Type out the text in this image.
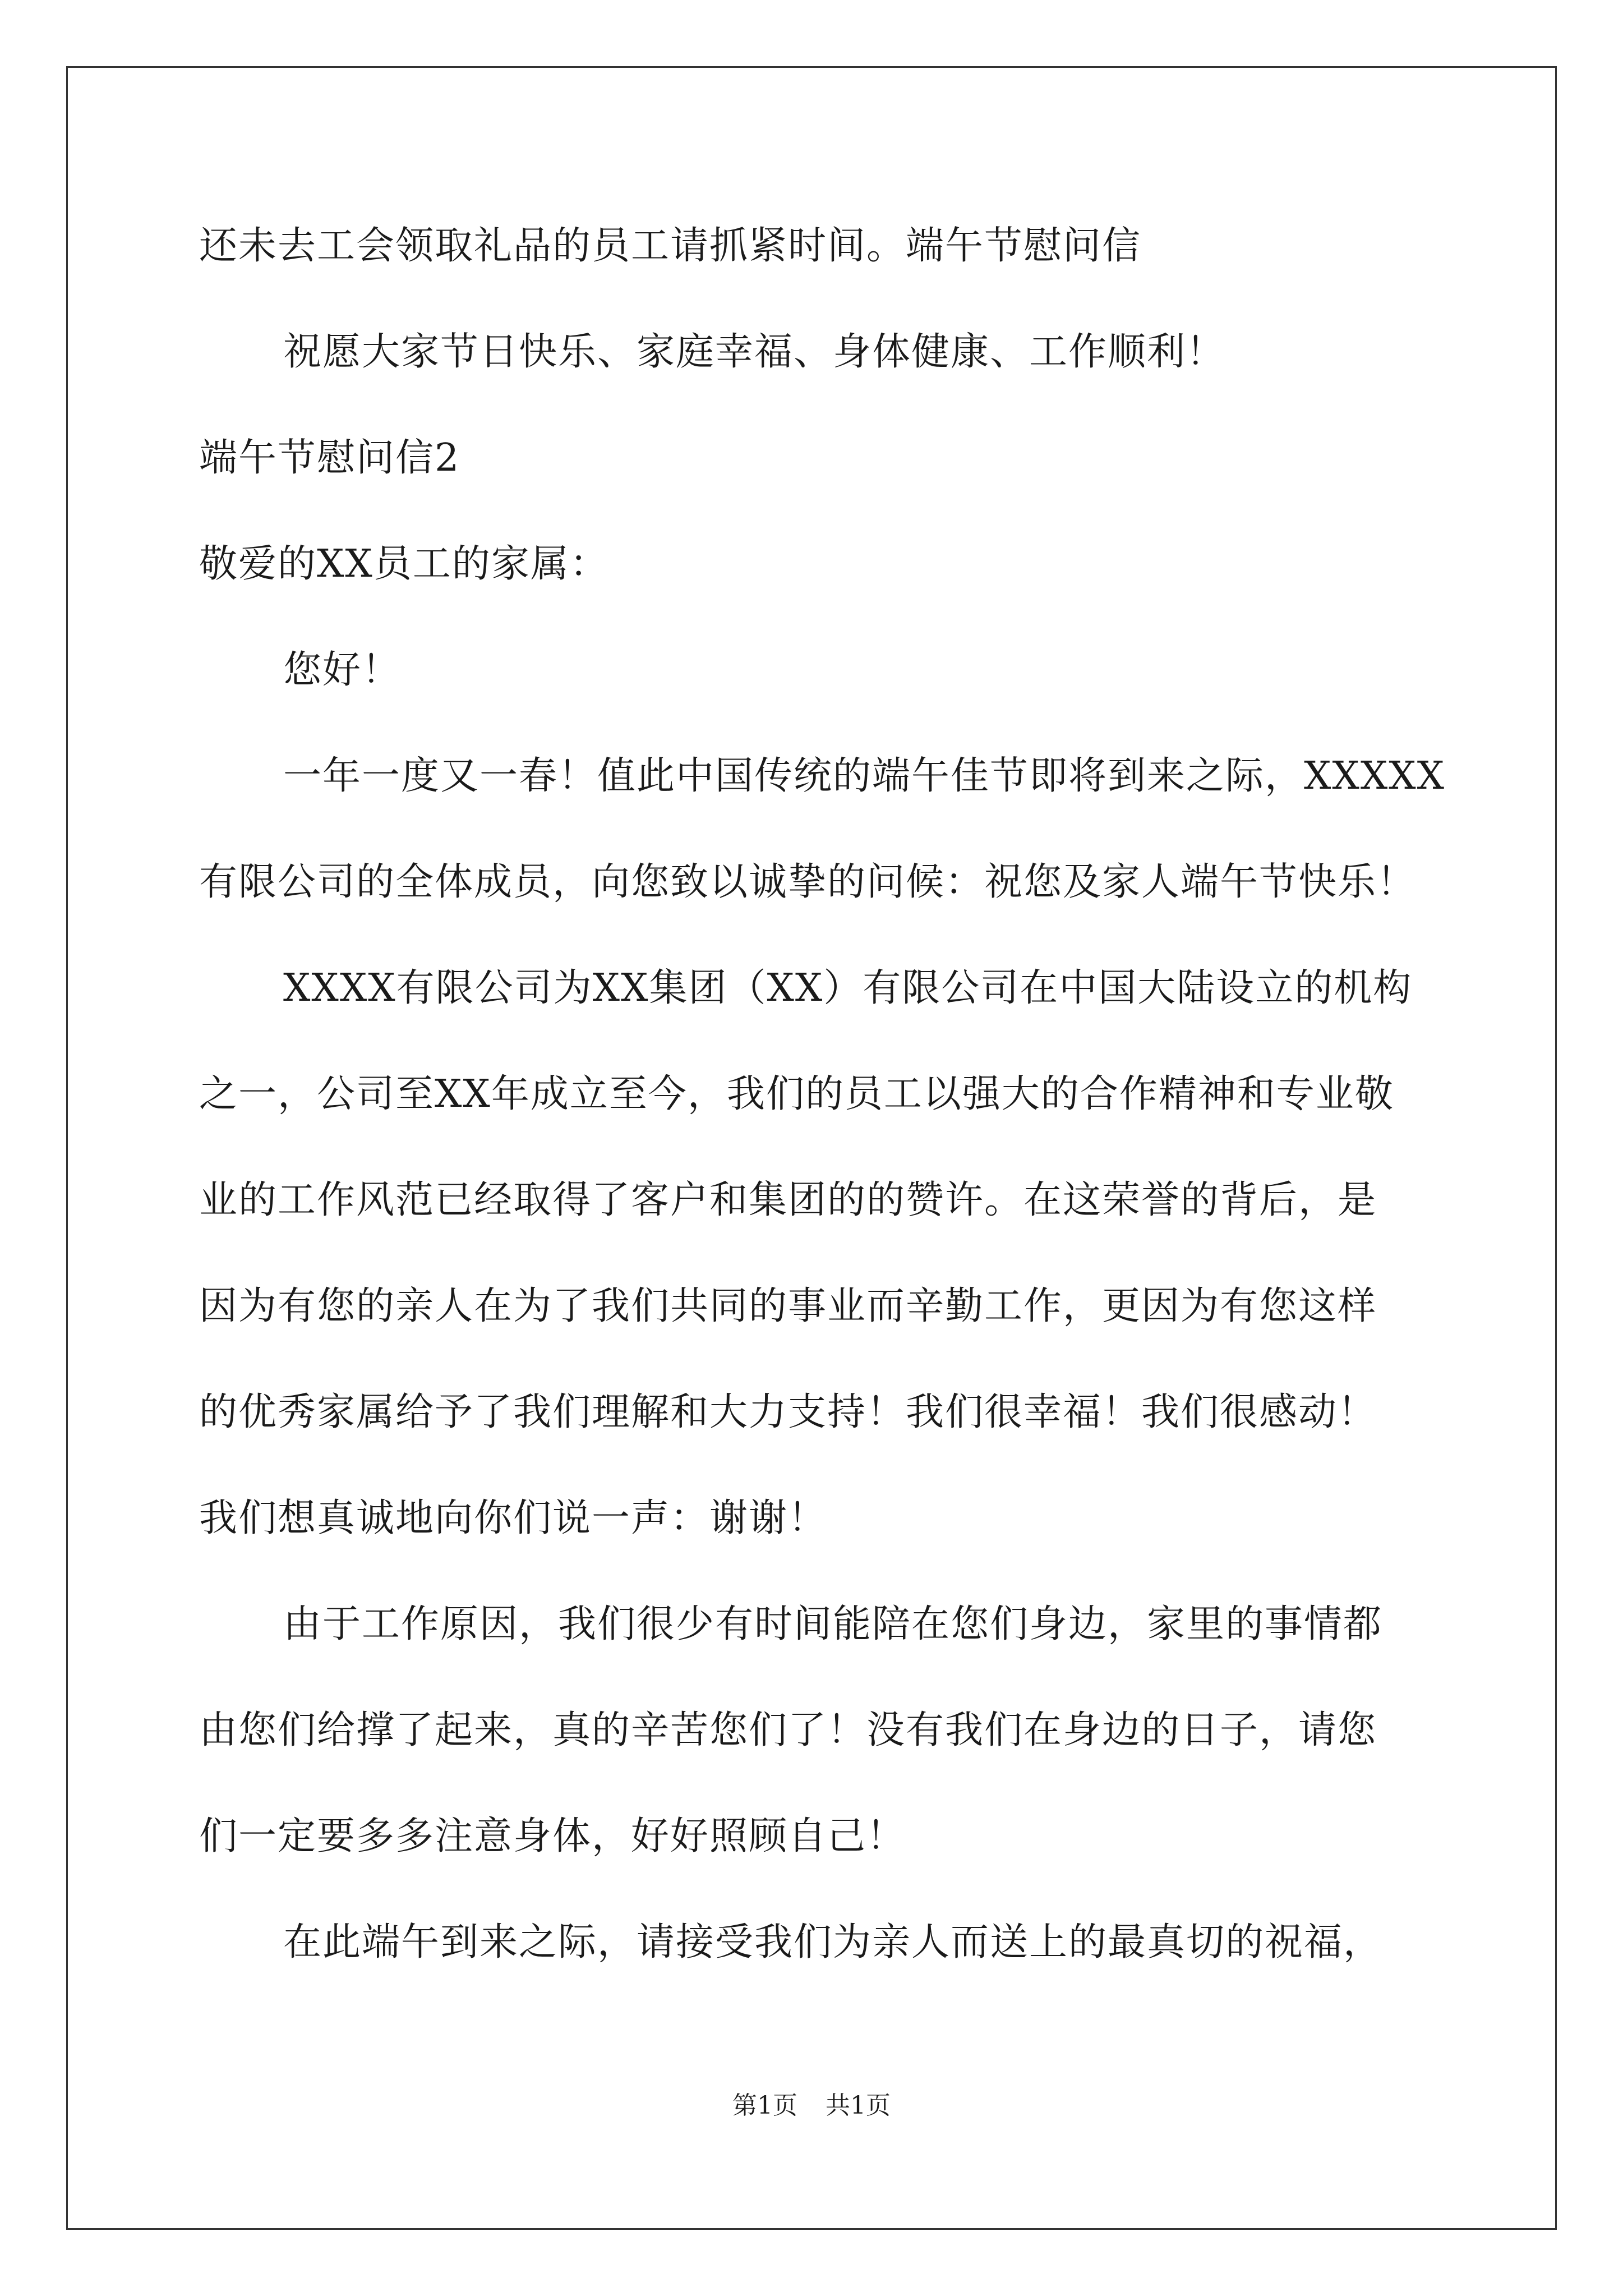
还未去工会领取礼品的员工请抓紧时间。端午节慰问信
祝愿大家节日快乐、家庭幸福、身体健康、工作顺利！
端午节慰问信2
敬爱的XX员工的家属：
您好！
一年一度又一春！值此中国传统的端午佳节即将到来之际，XXXXX
有限公司的全体成员，向您致以诚挚的问候：祝您及家人端午节快乐！
XXXX有限公司为XX集团（XX）有限公司在中国大陆设立的机构
之一，公司至XX年成立至今，我们的员工以强大的合作精神和专业敬
业的工作风范已经取得了客户和集团的的赞许。在这荣誉的背后，是
因为有您的亲人在为了我们共同的事业而辛勤工作，更因为有您这样
的优秀家属给予了我们理解和大力支持！我们很幸福！我们很感动！
我们想真诚地向你们说一声：谢谢！
由于工作原因，我们很少有时间能陪在您们身边，家里的事情都
由您们给撑了起来，真的辛苦您们了！没有我们在身边的日子，请您
们一定要多多注意身体，好好照顾自己！
在此端午到来之际，请接受我们为亲人而送上的最真切的祝福，
第1页 共1页
